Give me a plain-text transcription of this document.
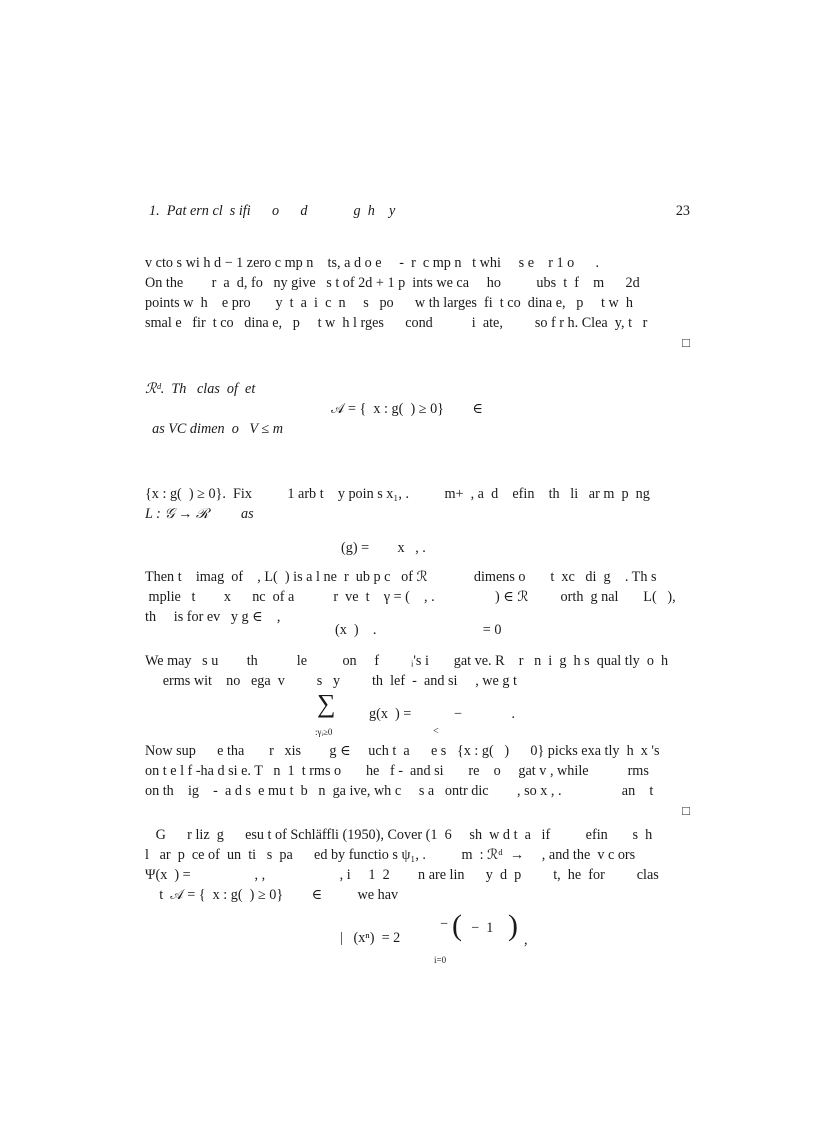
1.  Pat ern cl  s ifi      o      d             g  h    y	23

v cto s wi h d − 1 zero c mp n    ts, a d o e     -  r  c mp n   t whi     s e    r 1 o      .
On the        r  a  d, fo   ny give   s t of 2d + 1 p  ints we ca     ho          ubs  t  f    m      2d
points w  h    e pro       y  t  a  i  c  n     s   po      w th larges  fi  t co  dina e,   p     t w  h
smal e   fir  t co   dina e,   p     t w  h l rges      cond           i  ate,         so f r h. Clea  y, t   r

□

ℛᵈ.  Th   clas  of  et
𝒜 = {  x : g(  ) ≥ 0}        ∈
as VC dimen  o   V ≤ m

{x : g(  ) ≥ 0}.  Fix          1 arb t    y poin s x₁, .          m+  , a  d    efin    th   li   ar m  p  ng
L : 𝒢 → ℛ         as
(g) =        x   , .
Then t    imag  of    , L(  ) is a l ne  r  ub p c   of ℛ             dimens o       t  xc   di  g    . Th s
mplie   t        x      nc  of a           r  ve  t    γ = (    , .                 ) ∈ ℛ         orth  g nal       L(   ),
th     is for ev   y g ∈    ,
(x  )    .                              = 0
We may   s u        th           le          on     f         ᵢ's i       gat ve. R    r   n  i  g  h s  qual tly  o  h
erms wit    no   ega  v         s   y         th  lef  -  and si     , we g t

∑

:γᵢ≥0

g(x  ) =            −              .

<

Now sup      e tha       r   xis        g ∈     uch t  a      e s   {x : g(   )      0} picks exa tly  h  x 's
on t e l f -ha d si e. T   n  1  t rms o       he   f -  and si       re    o     gat v , while           rms
on th    ig    -  a d s  e mu t  b   n  ga ive, wh c     s a   ontr dic        , so x , .                 an    t

□

G      r liz  g      esu t of Schläffli (1950), Cover (1  6     sh  w d t  a   if          efin       s  h
l   ar  p  ce of  un  ti   s  pa      ed by functio s ψ₁, .          m  : ℛᵈ  →     , and the  v c ors
Ψ(x  ) =                  , ,                     , i     1  2        n are lin      y  d  p         t,  he  for         clas
t  𝒜 = {  x : g(  ) ≥ 0}        ∈          we hav

|   (xⁿ)  = 2

−

i=0

(

−  1

)

,
